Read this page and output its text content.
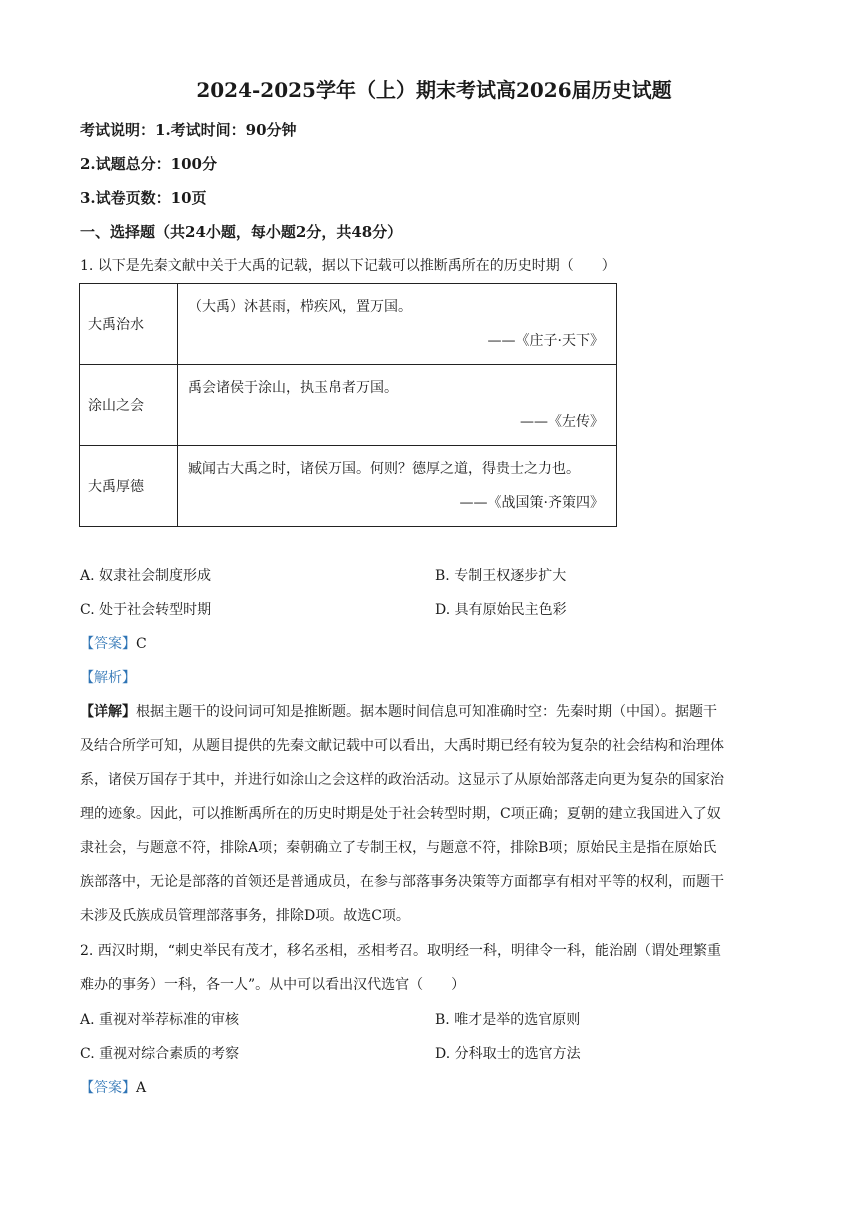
2024-2025学年（上）期末考试高2026届历史试题
考试说明：1.考试时间：90分钟
2.试题总分：100分
3.试卷页数：10页
一、选择题（共24小题，每小题2分，共48分）
1. 以下是先秦文献中关于大禹的记载，据以下记载可以推断禹所在的历史时期（　　）
大禹治水	（大禹）沐甚雨，栉疾风，置万国。
——《庄子·天下》

涂山之会	禹会诸侯于涂山，执玉帛者万国。
——《左传》

大禹厚德	臧闻古大禹之时，诸侯万国。何则？德厚之道，得贵士之力也。
——《战国策·齐策四》
A. 奴隶社会制度形成	B. 专制王权逐步扩大
C. 处于社会转型时期	D. 具有原始民主色彩
【答案】C
【解析】
【详解】根据主题干的设问词可知是推断题。据本题时间信息可知准确时空：先秦时期（中国）。据题干
及结合所学可知，从题目提供的先秦文献记载中可以看出，大禹时期已经有较为复杂的社会结构和治理体
系，诸侯万国存于其中，并进行如涂山之会这样的政治活动。这显示了从原始部落走向更为复杂的国家治
理的迹象。因此，可以推断禹所在的历史时期是处于社会转型时期，C项正确；夏朝的建立我国进入了奴
隶社会，与题意不符，排除A项；秦朝确立了专制王权，与题意不符，排除B项；原始民主是指在原始氏
族部落中，无论是部落的首领还是普通成员，在参与部落事务决策等方面都享有相对平等的权利，而题干
未涉及氏族成员管理部落事务，排除D项。故选C项。
2. 西汉时期，“刺史举民有茂才，移名丞相，丞相考召。取明经一科，明律令一科，能治剧（谓处理繁重
难办的事务）一科，各一人”。从中可以看出汉代选官（　　）
A. 重视对举荐标准的审核	B. 唯才是举的选官原则
C. 重视对综合素质的考察	D. 分科取士的选官方法
【答案】A
